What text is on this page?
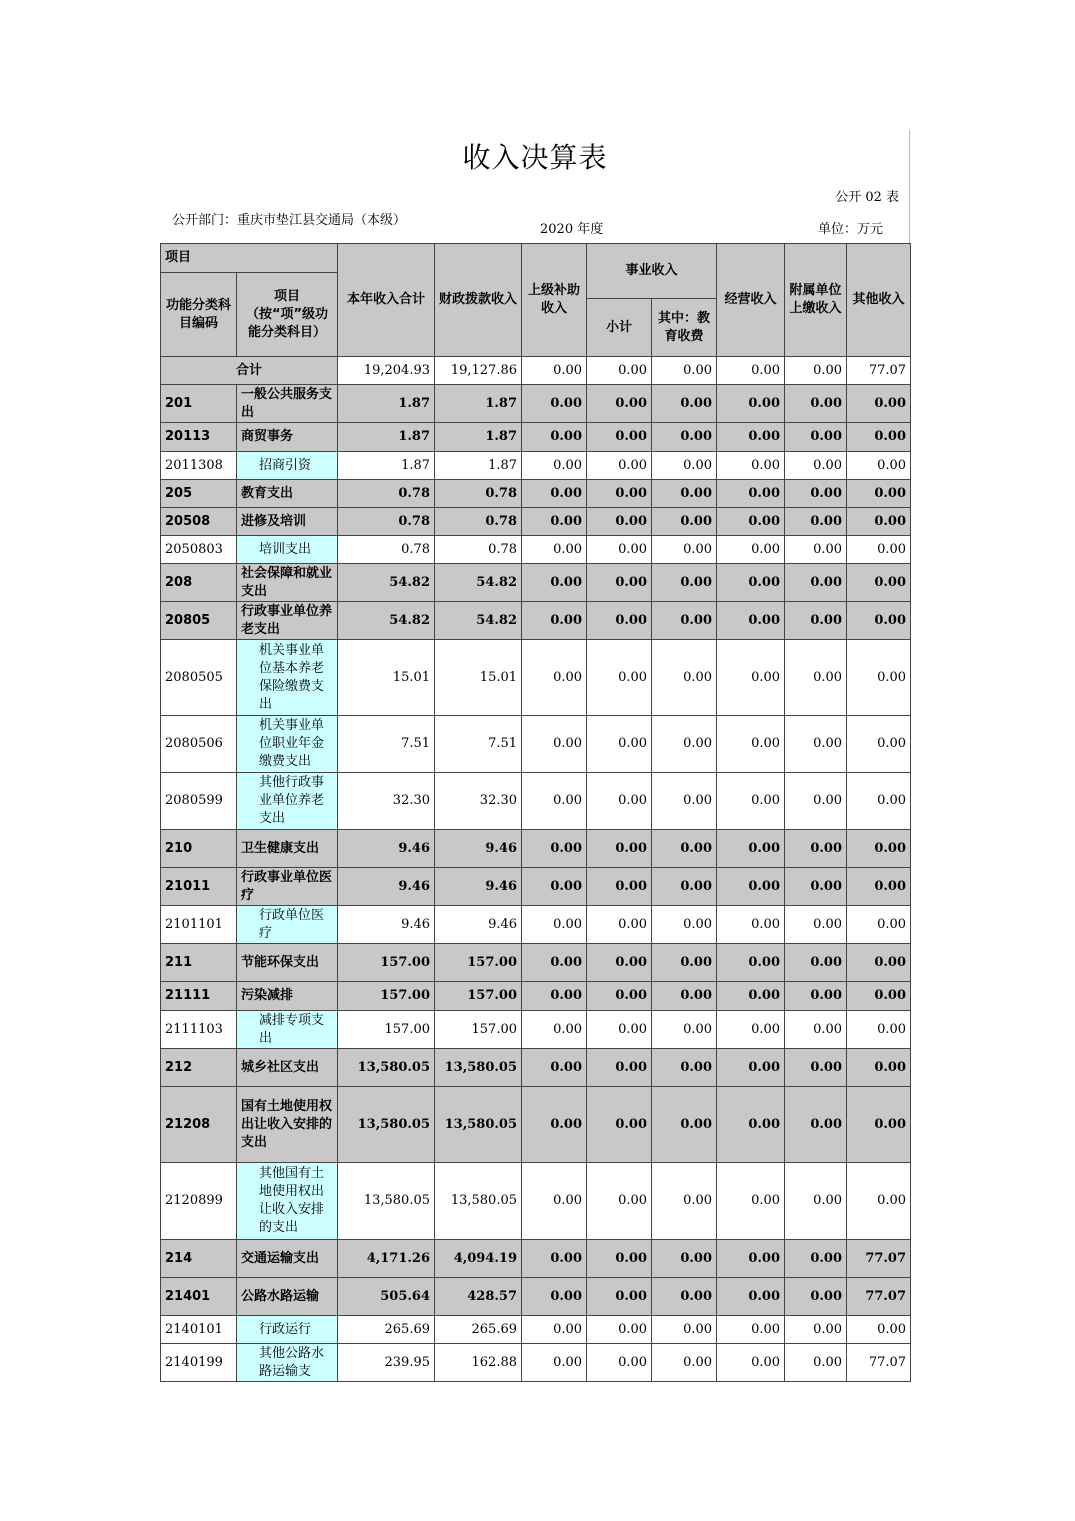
收入决算表
公开 02 表
公开部门：重庆市垫江县交通局（本级）
2020 年度	单位：万元
项目		本年收入合计	财政拨款收入	上级补助收入	事业收入		经营收入	附属单位上缴收入	其他收入
功能分类科目编码	项目（按“项”级功能分类科目）								
					小计	其中：教育收费			
合计		19,204.93	19,127.86	0.00	0.00	0.00	0.00	0.00	77.07
201	一般公共服务支出	1.87	1.87	0.00	0.00	0.00	0.00	0.00	0.00
20113	商贸事务	1.87	1.87	0.00	0.00	0.00	0.00	0.00	0.00
2011308	招商引资	1.87	1.87	0.00	0.00	0.00	0.00	0.00	0.00
205	教育支出	0.78	0.78	0.00	0.00	0.00	0.00	0.00	0.00
20508	进修及培训	0.78	0.78	0.00	0.00	0.00	0.00	0.00	0.00
2050803	培训支出	0.78	0.78	0.00	0.00	0.00	0.00	0.00	0.00
208	社会保障和就业支出	54.82	54.82	0.00	0.00	0.00	0.00	0.00	0.00
20805	行政事业单位养老支出	54.82	54.82	0.00	0.00	0.00	0.00	0.00	0.00
2080505	机关事业单位基本养老保险缴费支出	15.01	15.01	0.00	0.00	0.00	0.00	0.00	0.00
2080506	机关事业单位职业年金缴费支出	7.51	7.51	0.00	0.00	0.00	0.00	0.00	0.00
2080599	其他行政事业单位养老支出	32.30	32.30	0.00	0.00	0.00	0.00	0.00	0.00
210	卫生健康支出	9.46	9.46	0.00	0.00	0.00	0.00	0.00	0.00
21011	行政事业单位医疗	9.46	9.46	0.00	0.00	0.00	0.00	0.00	0.00
2101101	行政单位医疗	9.46	9.46	0.00	0.00	0.00	0.00	0.00	0.00
211	节能环保支出	157.00	157.00	0.00	0.00	0.00	0.00	0.00	0.00
21111	污染减排	157.00	157.00	0.00	0.00	0.00	0.00	0.00	0.00
2111103	减排专项支出	157.00	157.00	0.00	0.00	0.00	0.00	0.00	0.00
212	城乡社区支出	13,580.05	13,580.05	0.00	0.00	0.00	0.00	0.00	0.00
21208	国有土地使用权出让收入安排的支出	13,580.05	13,580.05	0.00	0.00	0.00	0.00	0.00	0.00
2120899	其他国有土地使用权出让收入安排的支出	13,580.05	13,580.05	0.00	0.00	0.00	0.00	0.00	0.00
214	交通运输支出	4,171.26	4,094.19	0.00	0.00	0.00	0.00	0.00	77.07
21401	公路水路运输	505.64	428.57	0.00	0.00	0.00	0.00	0.00	77.07
2140101	行政运行	265.69	265.69	0.00	0.00	0.00	0.00	0.00	0.00
2140199	其他公路水路运输支	239.95	162.88	0.00	0.00	0.00	0.00	0.00	77.07
